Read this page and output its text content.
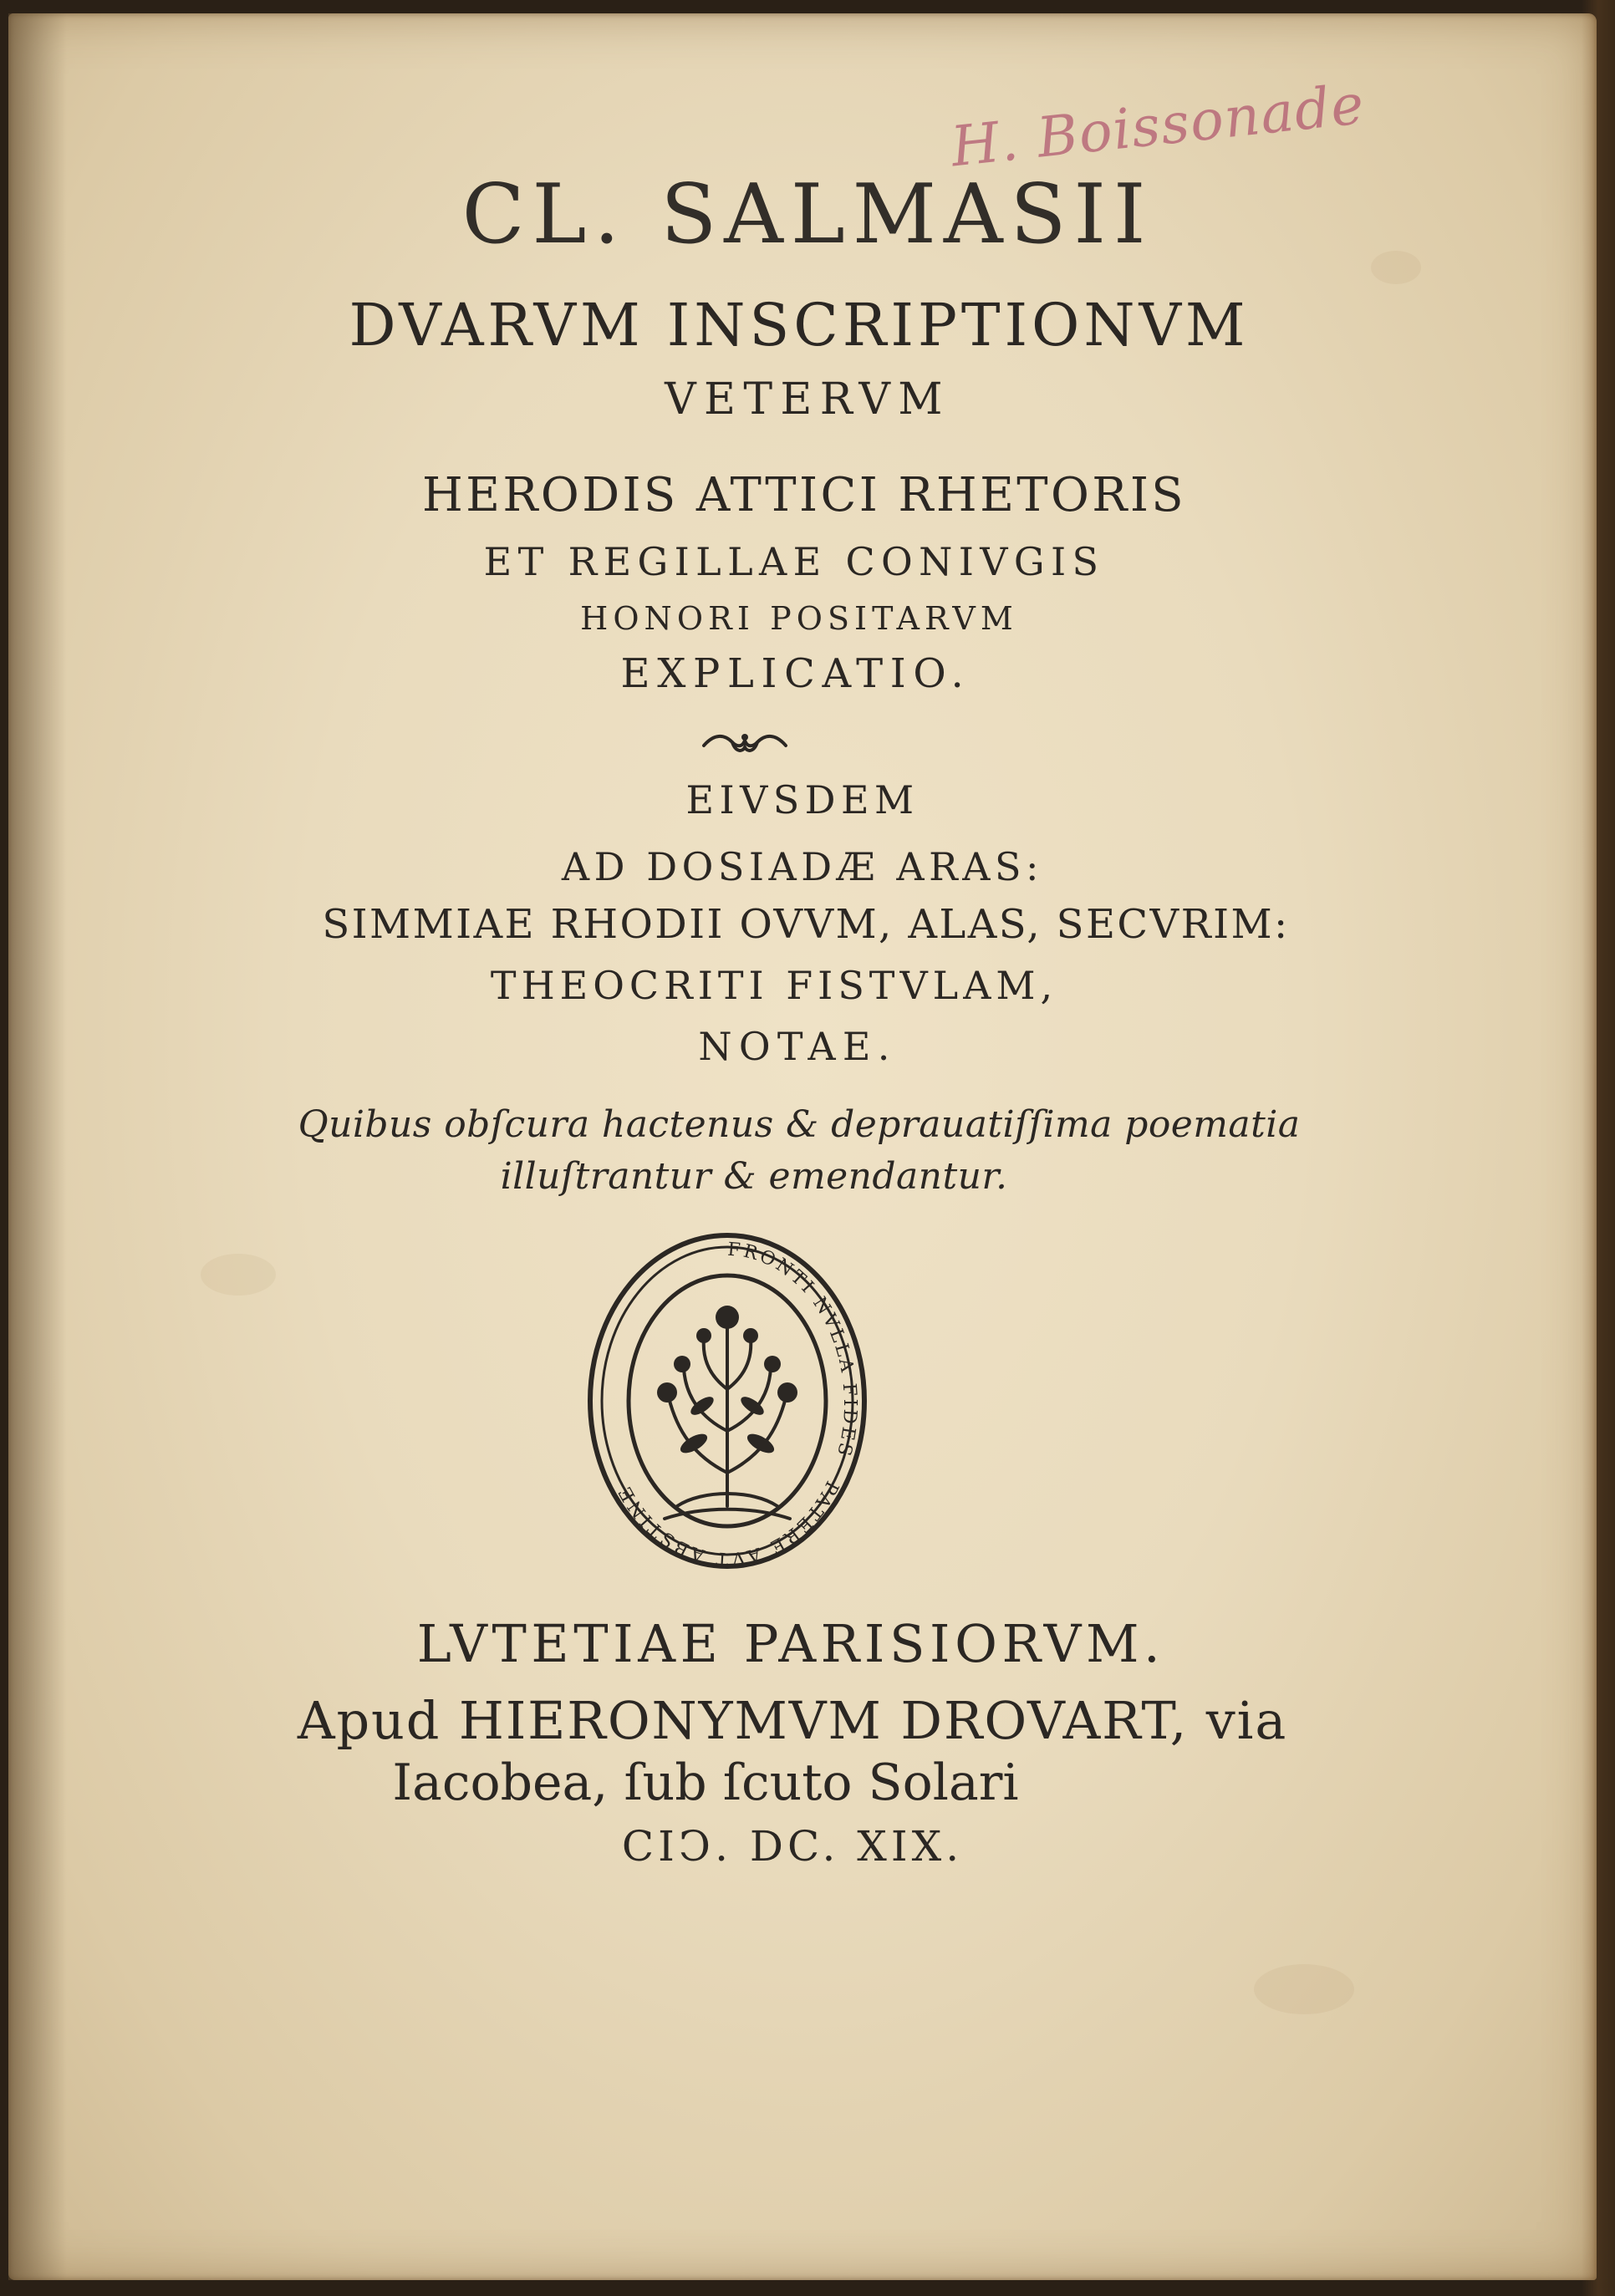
H. Boissonade
CL. SALMASII
DVARVM INSCRIPTIONVM
VETERVM
HERODIS ATTICI RHETORIS
ET REGILLAE CONIVGIS
HONORI POSITARVM
EXPLICATIO.
EIVSDEM
AD DOSIADÆ ARAS:
SIMMIAE RHODII OVVM, ALAS, SECVRIM:
THEOCRITI FISTVLAM,
NOTAE.
Quibus obſcura hactenus & deprauatiſſima poematia
illuſtrantur & emendantur.
FRONTI NVLLA FIDES · PATERE AVT ABSTINE
LVTETIAE PARISIORVM.
Apud HIERONYMVM DROVART, via
Iacobea, ſub ſcuto Solari
CIↃ. DC. XIX.
